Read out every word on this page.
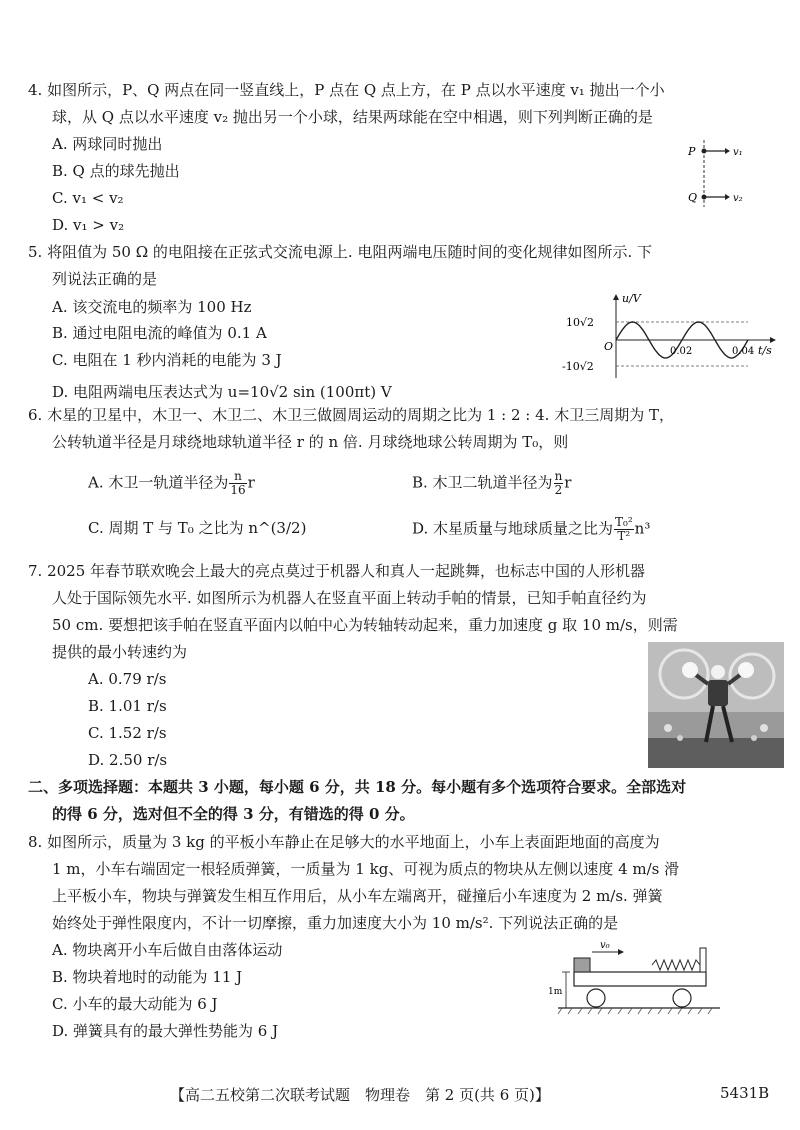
4. 如图所示，P、Q 两点在同一竖直线上，P 点在 Q 点上方，在 P 点以水平速度 v₁ 抛出一个小
球，从 Q 点以水平速度 v₂ 抛出另一个小球，结果两球能在空中相遇，则下列判断正确的是
A. 两球同时抛出
B. Q 点的球先抛出
C. v₁ < v₂
D. v₁ > v₂
P
Q
v₁
v₂
5. 将阻值为 50 Ω 的电阻接在正弦式交流电源上. 电阻两端电压随时间的变化规律如图所示. 下
列说法正确的是
A. 该交流电的频率为 100 Hz
B. 通过电阻电流的峰值为 0.1 A
C. 电阻在 1 秒内消耗的电能为 3 J
D. 电阻两端电压表达式为 u=10√2 sin (100πt) V
u/V
t/s
10√2
-10√2
O	0.02	0.04
6. 木星的卫星中，木卫一、木卫二、木卫三做圆周运动的周期之比为 1 : 2 : 4. 木卫三周期为 T，
公转轨道半径是月球绕地球轨道半径 r 的 n 倍. 月球绕地球公转周期为 T₀，则
A. 木卫一轨道半径为 $\frac{n}{16}$ r	B. 木卫二轨道半径为 $\frac{n}{2}$ r
C. 周期 T 与 T₀ 之比为 n^(3/2)	D. 木星质量与地球质量之比为 $\frac{\text{T₀²}}{\text{T²}} n^3$
7. 2025 年春节联欢晚会上最大的亮点莫过于机器人和真人一起跳舞，也标志中国的人形机器
人处于国际领先水平. 如图所示为机器人在竖直平面上转动手帕的情景，已知手帕直径约为
50 cm. 要想把该手帕在竖直平面内以帕中心为转轴转动起来，重力加速度 g 取 10 m/s，则需
提供的最小转速约为
A. 0.79 r/s
B. 1.01 r/s
C. 1.52 r/s
D. 2.50 r/s
二、多项选择题：本题共 3 小题，每小题 6 分，共 18 分。每小题有多个选项符合要求。全部选对
的得 6 分，选对但不全的得 3 分，有错选的得 0 分。
8. 如图所示，质量为 3 kg 的平板小车静止在足够大的水平地面上，小车上表面距地面的高度为
1 m，小车右端固定一根轻质弹簧，一质量为 1 kg、可视为质点的物块从左侧以速度 4 m/s 滑
上平板小车，物块与弹簧发生相互作用后，从小车左端离开，碰撞后小车速度为 2 m/s. 弹簧
始终处于弹性限度内，不计一切摩擦，重力加速度大小为 10 m/s². 下列说法正确的是
A. 物块离开小车后做自由落体运动
B. 物块着地时的动能为 11 J
C. 小车的最大动能为 6 J
D. 弹簧具有的最大弹性势能为 6 J
v₀
1m
【高二五校第二次联考试题　物理卷　第 2 页(共 6 页)】	5431B
